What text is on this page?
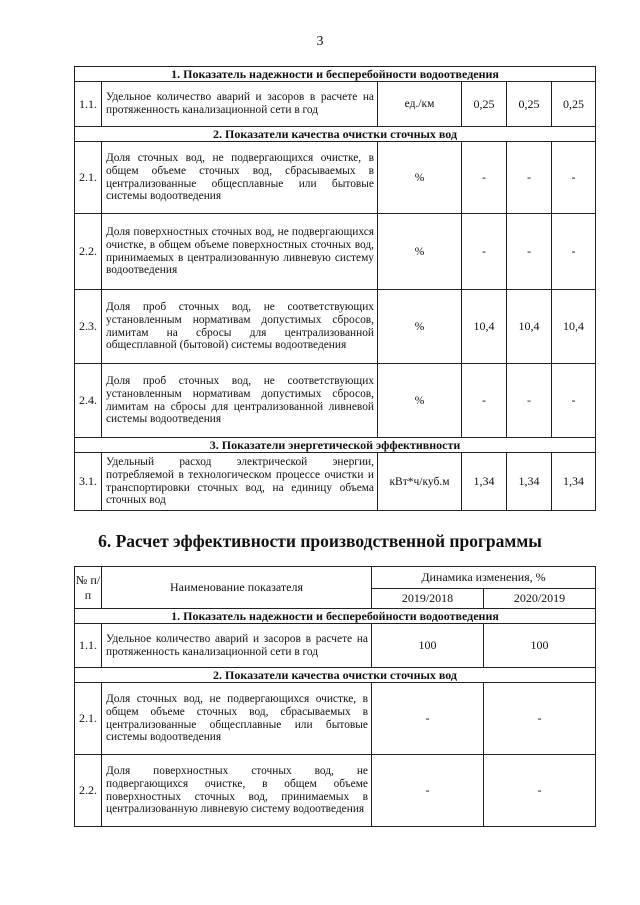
3
1. Показатель надежности и бесперебойности водоотведения					
1.1.	Удельное количество аварий и засоров в расчете на протяженность канализационной сети в год	ед./км	0,25	0,25	0,25
2. Показатели качества очистки сточных вод					
2.1.	Доля сточных вод, не подвергающихся очистке, в общем объеме сточных вод, сбрасываемых в централизованные общесплавные или бытовые системы водоотведения	%	-	-	-
2.2.	Доля поверхностных сточных вод, не подвергающихся очистке, в общем объеме поверхностных сточных вод, принимаемых в централизованную ливневую систему водоотведения	%	-	-	-
2.3.	Доля проб сточных вод, не соответствующих установленным нормативам допустимых сбросов, лимитам на сбросы для централизованной общесплавной (бытовой) системы водоотведения	%	10,4	10,4	10,4
2.4.	Доля проб сточных вод, не соответствующих установленным нормативам допустимых сбросов, лимитам на сбросы для централизованной ливневой системы водоотведения	%	-	-	-
3. Показатели энергетической эффективности					
3.1.	Удельный расход электрической энергии, потребляемой в технологическом процессе очистки и транспортировки сточных вод, на единицу объема сточных вод	кВт*ч/куб.м	1,34	1,34	1,34
6. Расчет эффективности производственной программы
№ п/п	Наименование показателя	Динамика изменения, %	
		2019/2018	2020/2019
1. Показатель надежности и бесперебойности водоотведения			
1.1.	Удельное количество аварий и засоров в расчете на протяженность канализационной сети в год	100	100
2. Показатели качества очистки сточных вод			
2.1.	Доля сточных вод, не подвергающихся очистке, в общем объеме сточных вод, сбрасываемых в централизованные общесплавные или бытовые системы водоотведения	-	-
2.2.	Доля поверхностных сточных вод, не подвергающихся очистке, в общем объеме поверхностных сточных вод, принимаемых в централизованную ливневую систему водоотведения	-	-
